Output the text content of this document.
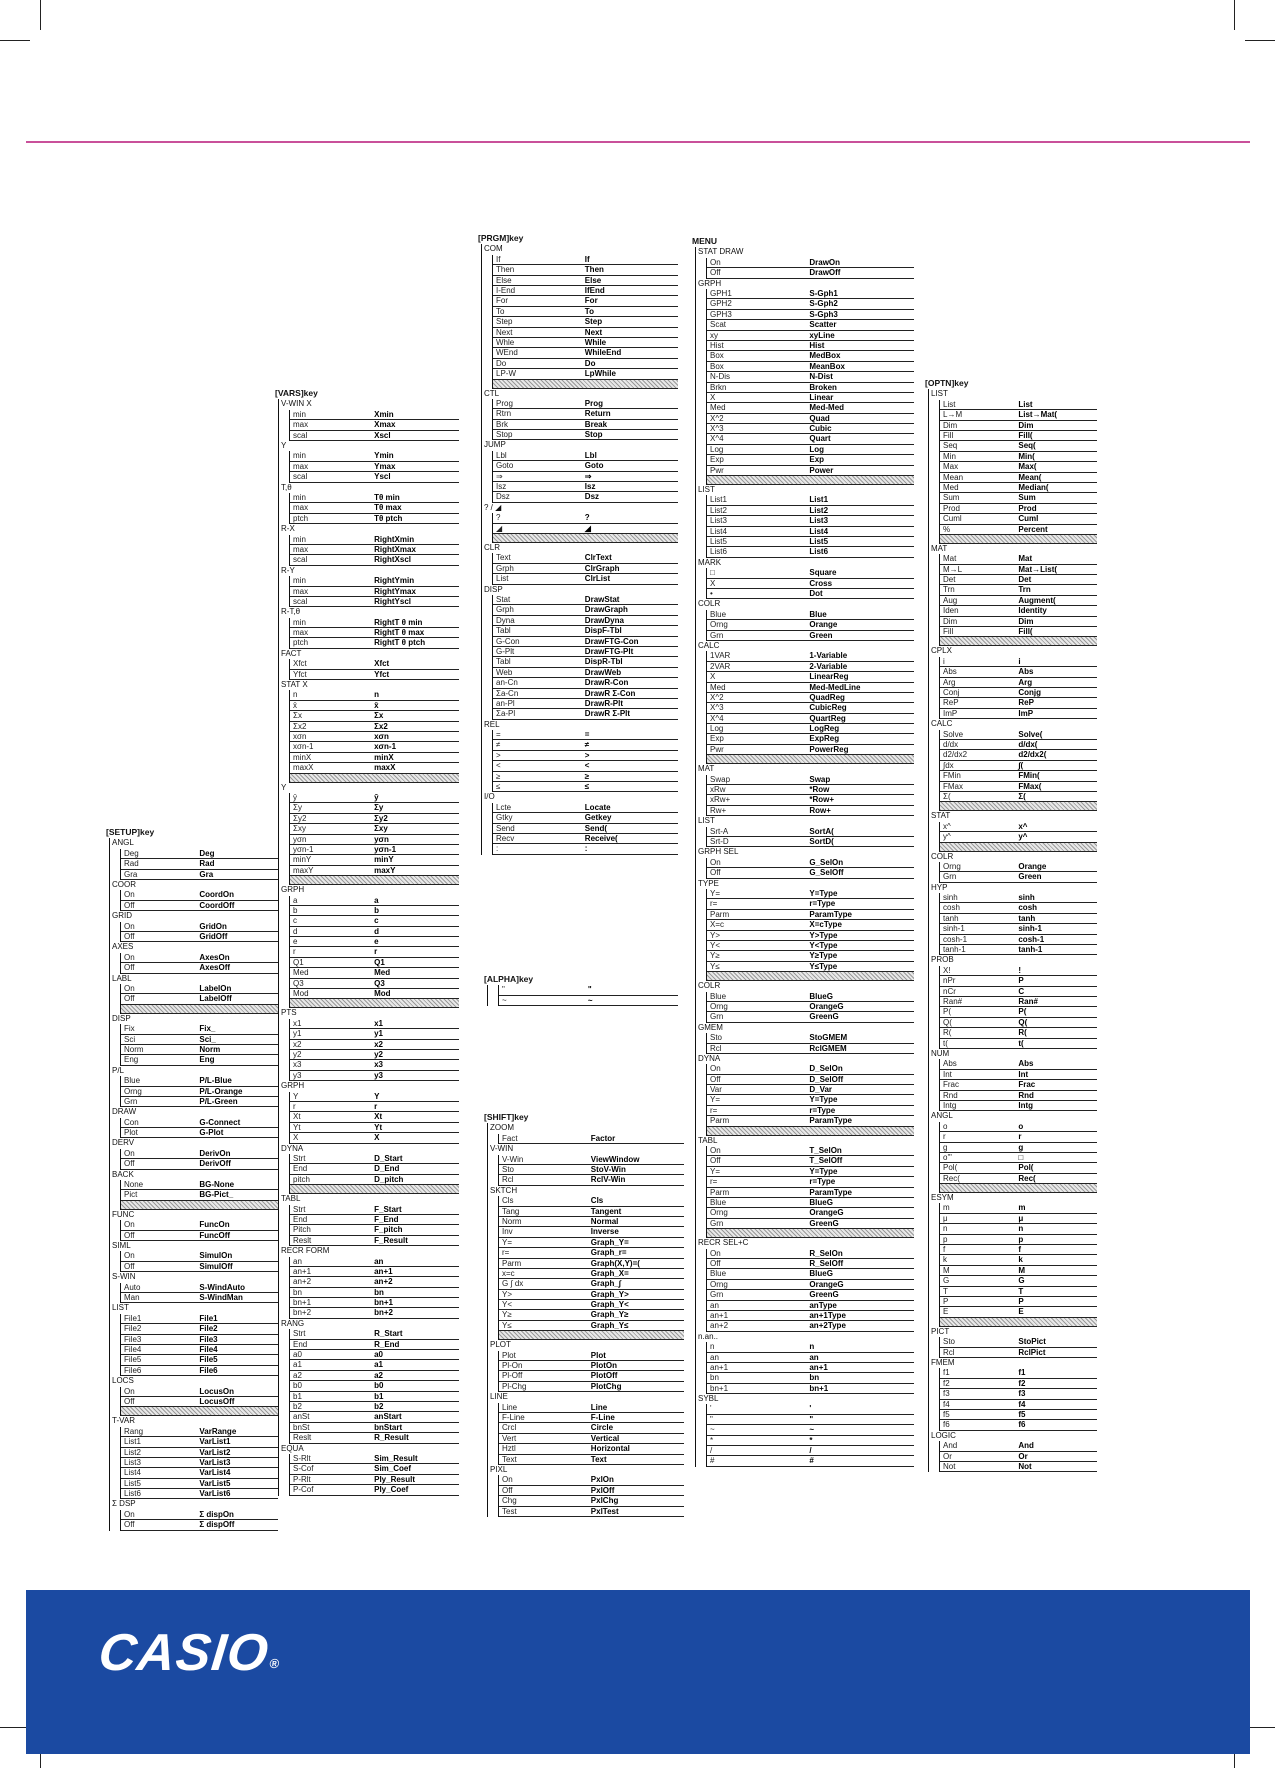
[SETUP]key
ANGL
Deg	Deg
Rad	Rad
Gra	Gra
COOR
On	CoordOn
Off	CoordOff
GRID
On	GridOn
Off	GridOff
AXES
On	AxesOn
Off	AxesOff
LABL
On	LabelOn
Off	LabelOff
DISP
Fix	Fix_
Sci	Sci_
Norm	Norm
Eng	Eng
P/L
Blue	P/L-Blue
Orng	P/L-Orange
Grn	P/L-Green
DRAW
Con	G-Connect
Plot	G-Plot
DERV
On	DerivOn
Off	DerivOff
BACK
None	BG-None
Pict	BG-Pict_
FUNC
On	FuncOn
Off	FuncOff
SIML
On	SimulOn
Off	SimulOff
S-WIN
Auto	S-WindAuto
Man	S-WindMan
LIST
File1	File1
File2	File2
File3	File3
File4	File4
File5	File5
File6	File6
LOCS
On	LocusOn
Off	LocusOff
T-VAR
Rang	VarRange
List1	VarList1
List2	VarList2
List3	VarList3
List4	VarList4
List5	VarList5
List6	VarList6
Σ DSP
On	Σ dispOn
Off	Σ dispOff
[VARS]key
V-WIN X
min	Xmin
max	Xmax
scal	Xscl
Y
min	Ymin
max	Ymax
scal	Yscl
T,θ
min	Tθ min
max	Tθ max
ptch	Tθ ptch
R-X
min	RightXmin
max	RightXmax
scal	RightXscl
R-Y
min	RightYmin
max	RightYmax
scal	RightYscl
R-T,θ
min	RightT θ min
max	RightT θ max
ptch	RightT θ ptch
FACT
Xfct	Xfct
Yfct	Yfct
STAT X
n	n
x̄	x̄
Σx	Σx
Σx2	Σx2
xσn	xσn
xσn-1	xσn-1
minX	minX
maxX	maxX
Y
ȳ	ȳ
Σy	Σy
Σy2	Σy2
Σxy	Σxy
yσn	yσn
yσn-1	yσn-1
minY	minY
maxY	maxY
GRPH
a	a
b	b
c	c
d	d
e	e
r	r
Q1	Q1
Med	Med
Q3	Q3
Mod	Mod
PTS
x1	x1
y1	y1
x2	x2
y2	y2
x3	x3
y3	y3
GRPH
Y	Y
r	r
Xt	Xt
Yt	Yt
X	X
DYNA
Strt	D_Start
End	D_End
pitch	D_pitch
TABL
Strt	F_Start
End	F_End
Pitch	F_pitch
Reslt	F_Result
RECR FORM
an	an
an+1	an+1
an+2	an+2
bn	bn
bn+1	bn+1
bn+2	bn+2
RANG
Strt	R_Start
End	R_End
a0	a0
a1	a1
a2	a2
b0	b0
b1	b1
b2	b2
anSt	anStart
bnSt	bnStart
Reslt	R_Result
EQUA
S-Rlt	Sim_Result
S-Cof	Sim_Coef
P-Rlt	Ply_Result
P-Cof	Ply_Coef
[PRGM]key
COM
If	If
Then	Then
Else	Else
I-End	IfEnd
For	For
To	To
Step	Step
Next	Next
Whle	While
WEnd	WhileEnd
Do	Do
LP-W	LpWhile
CTL
Prog	Prog
Rtrn	Return
Brk	Break
Stop	Stop
JUMP
Lbl	Lbl
Goto	Goto
⇒	⇒
Isz	Isz
Dsz	Dsz
? / ◢
?	?
◢	◢
CLR
Text	ClrText
Grph	ClrGraph
List	ClrList
DISP
Stat	DrawStat
Grph	DrawGraph
Dyna	DrawDyna
Tabl	DispF-Tbl
G-Con	DrawFTG-Con
G-Plt	DrawFTG-Plt
Tabl	DispR-Tbl
Web	DrawWeb
an-Cn	DrawR-Con
Σa-Cn	DrawR Σ-Con
an-Pl	DrawR-Plt
Σa-Pl	DrawR Σ-Plt
REL
=	=
≠	≠
>	>
<	<
≥	≥
≤	≤
I/O
Lcte	Locate
Gtky	Getkey
Send	Send(
Recv	Receive(
:	:
[ALPHA]key
"	"
~	~
[SHIFT]key
ZOOM
Fact	Factor
V-WIN
V-Win	ViewWindow
Sto	StoV-Win
Rcl	RclV-Win
SKTCH
Cls	Cls
Tang	Tangent
Norm	Normal
Inv	Inverse
Y=	Graph_Y=
r=	Graph_r=
Parm	Graph(X,Y)=(
x=c	Graph_X=
G ∫ dx	Graph_∫
Y>	Graph_Y>
Y<	Graph_Y<
Y≥	Graph_Y≥
Y≤	Graph_Y≤
PLOT
Plot	Plot
Pl-On	PlotOn
Pl-Off	PlotOff
Pl-Chg	PlotChg
LINE
Line	Line
F-Line	F-Line
Crcl	Circle
Vert	Vertical
Hztl	Horizontal
Text	Text
PIXL
On	PxlOn
Off	PxlOff
Chg	PxlChg
Test	PxlTest
MENU
STAT DRAW
On	DrawOn
Off	DrawOff
GRPH
GPH1	S-Gph1
GPH2	S-Gph2
GPH3	S-Gph3
Scat	Scatter
xy	xyLine
Hist	Hist
Box	MedBox
Box	MeanBox
N-Dis	N-Dist
Brkn	Broken
X	Linear
Med	Med-Med
X^2	Quad
X^3	Cubic
X^4	Quart
Log	Log
Exp	Exp
Pwr	Power
LIST
List1	List1
List2	List2
List3	List3
List4	List4
List5	List5
List6	List6
MARK
□	Square
X	Cross
•	Dot
COLR
Blue	Blue
Orng	Orange
Grn	Green
CALC
1VAR	1-Variable
2VAR	2-Variable
X	LinearReg
Med	Med-MedLine
X^2	QuadReg
X^3	CubicReg
X^4	QuartReg
Log	LogReg
Exp	ExpReg
Pwr	PowerReg
MAT
Swap	Swap
xRw	*Row
xRw+	*Row+
Rw+	Row+
LIST
Srt-A	SortA(
Srt-D	SortD(
GRPH SEL
On	G_SelOn
Off	G_SelOff
TYPE
Y=	Y=Type
r=	r=Type
Parm	ParamType
X=c	X=cType
Y>	Y>Type
Y<	Y<Type
Y≥	Y≥Type
Y≤	Y≤Type
COLR
Blue	BlueG
Orng	OrangeG
Grn	GreenG
GMEM
Sto	StoGMEM
Rcl	RclGMEM
DYNA
On	D_SelOn
Off	D_SelOff
Var	D_Var
Y=	Y=Type
r=	r=Type
Parm	ParamType
TABL
On	T_SelOn
Off	T_SelOff
Y=	Y=Type
r=	r=Type
Parm	ParamType
Blue	BlueG
Orng	OrangeG
Grn	GreenG
RECR SEL+C
On	R_SelOn
Off	R_SelOff
Blue	BlueG
Orng	OrangeG
Grn	GreenG
an	anType
an+1	an+1Type
an+2	an+2Type
n.an..
n	n
an	an
an+1	an+1
bn	bn
bn+1	bn+1
SYBL
'	'
"	"
~	~
*	*
/	/
#	#
[OPTN]key
LIST
List	List
L→M	List→Mat(
Dim	Dim
Fill	Fill(
Seq	Seq(
Min	Min(
Max	Max(
Mean	Mean(
Med	Median(
Sum	Sum
Prod	Prod
Cuml	Cuml
%	Percent
MAT
Mat	Mat
M→L	Mat→List(
Det	Det
Trn	Trn
Aug	Augment(
Iden	Identity
Dim	Dim
Fill	Fill(
CPLX
i	i
Abs	Abs
Arg	Arg
Conj	Conjg
ReP	ReP
ImP	ImP
CALC
Solve	Solve(
d/dx	d/dx(
d2/dx2	d2/dx2(
∫dx	∫(
FMin	FMin(
FMax	FMax(
Σ(	Σ(
STAT
x^	x^
y^	y^
COLR
Orng	Orange
Grn	Green
HYP
sinh	sinh
cosh	cosh
tanh	tanh
sinh-1	sinh-1
cosh-1	cosh-1
tanh-1	tanh-1
PROB
X!	!
nPr	P
nCr	C
Ran#	Ran#
P(	P(
Q(	Q(
R(	R(
t(	t(
NUM
Abs	Abs
Int	Int
Frac	Frac
Rnd	Rnd
Intg	Intg
ANGL
o	o
r	r
g	g
o'"	□
Pol(	Pol(
Rec(	Rec(
ESYM
m	m
μ	μ
n	n
p	p
f	f
k	k
M	M
G	G
T	T
P	P
E	E
PICT
Sto	StoPict
Rcl	RclPict
FMEM
f1	f1
f2	f2
f3	f3
f4	f4
f5	f5
f6	f6
LOGIC
And	And
Or	Or
Not	Not
CASIO®
